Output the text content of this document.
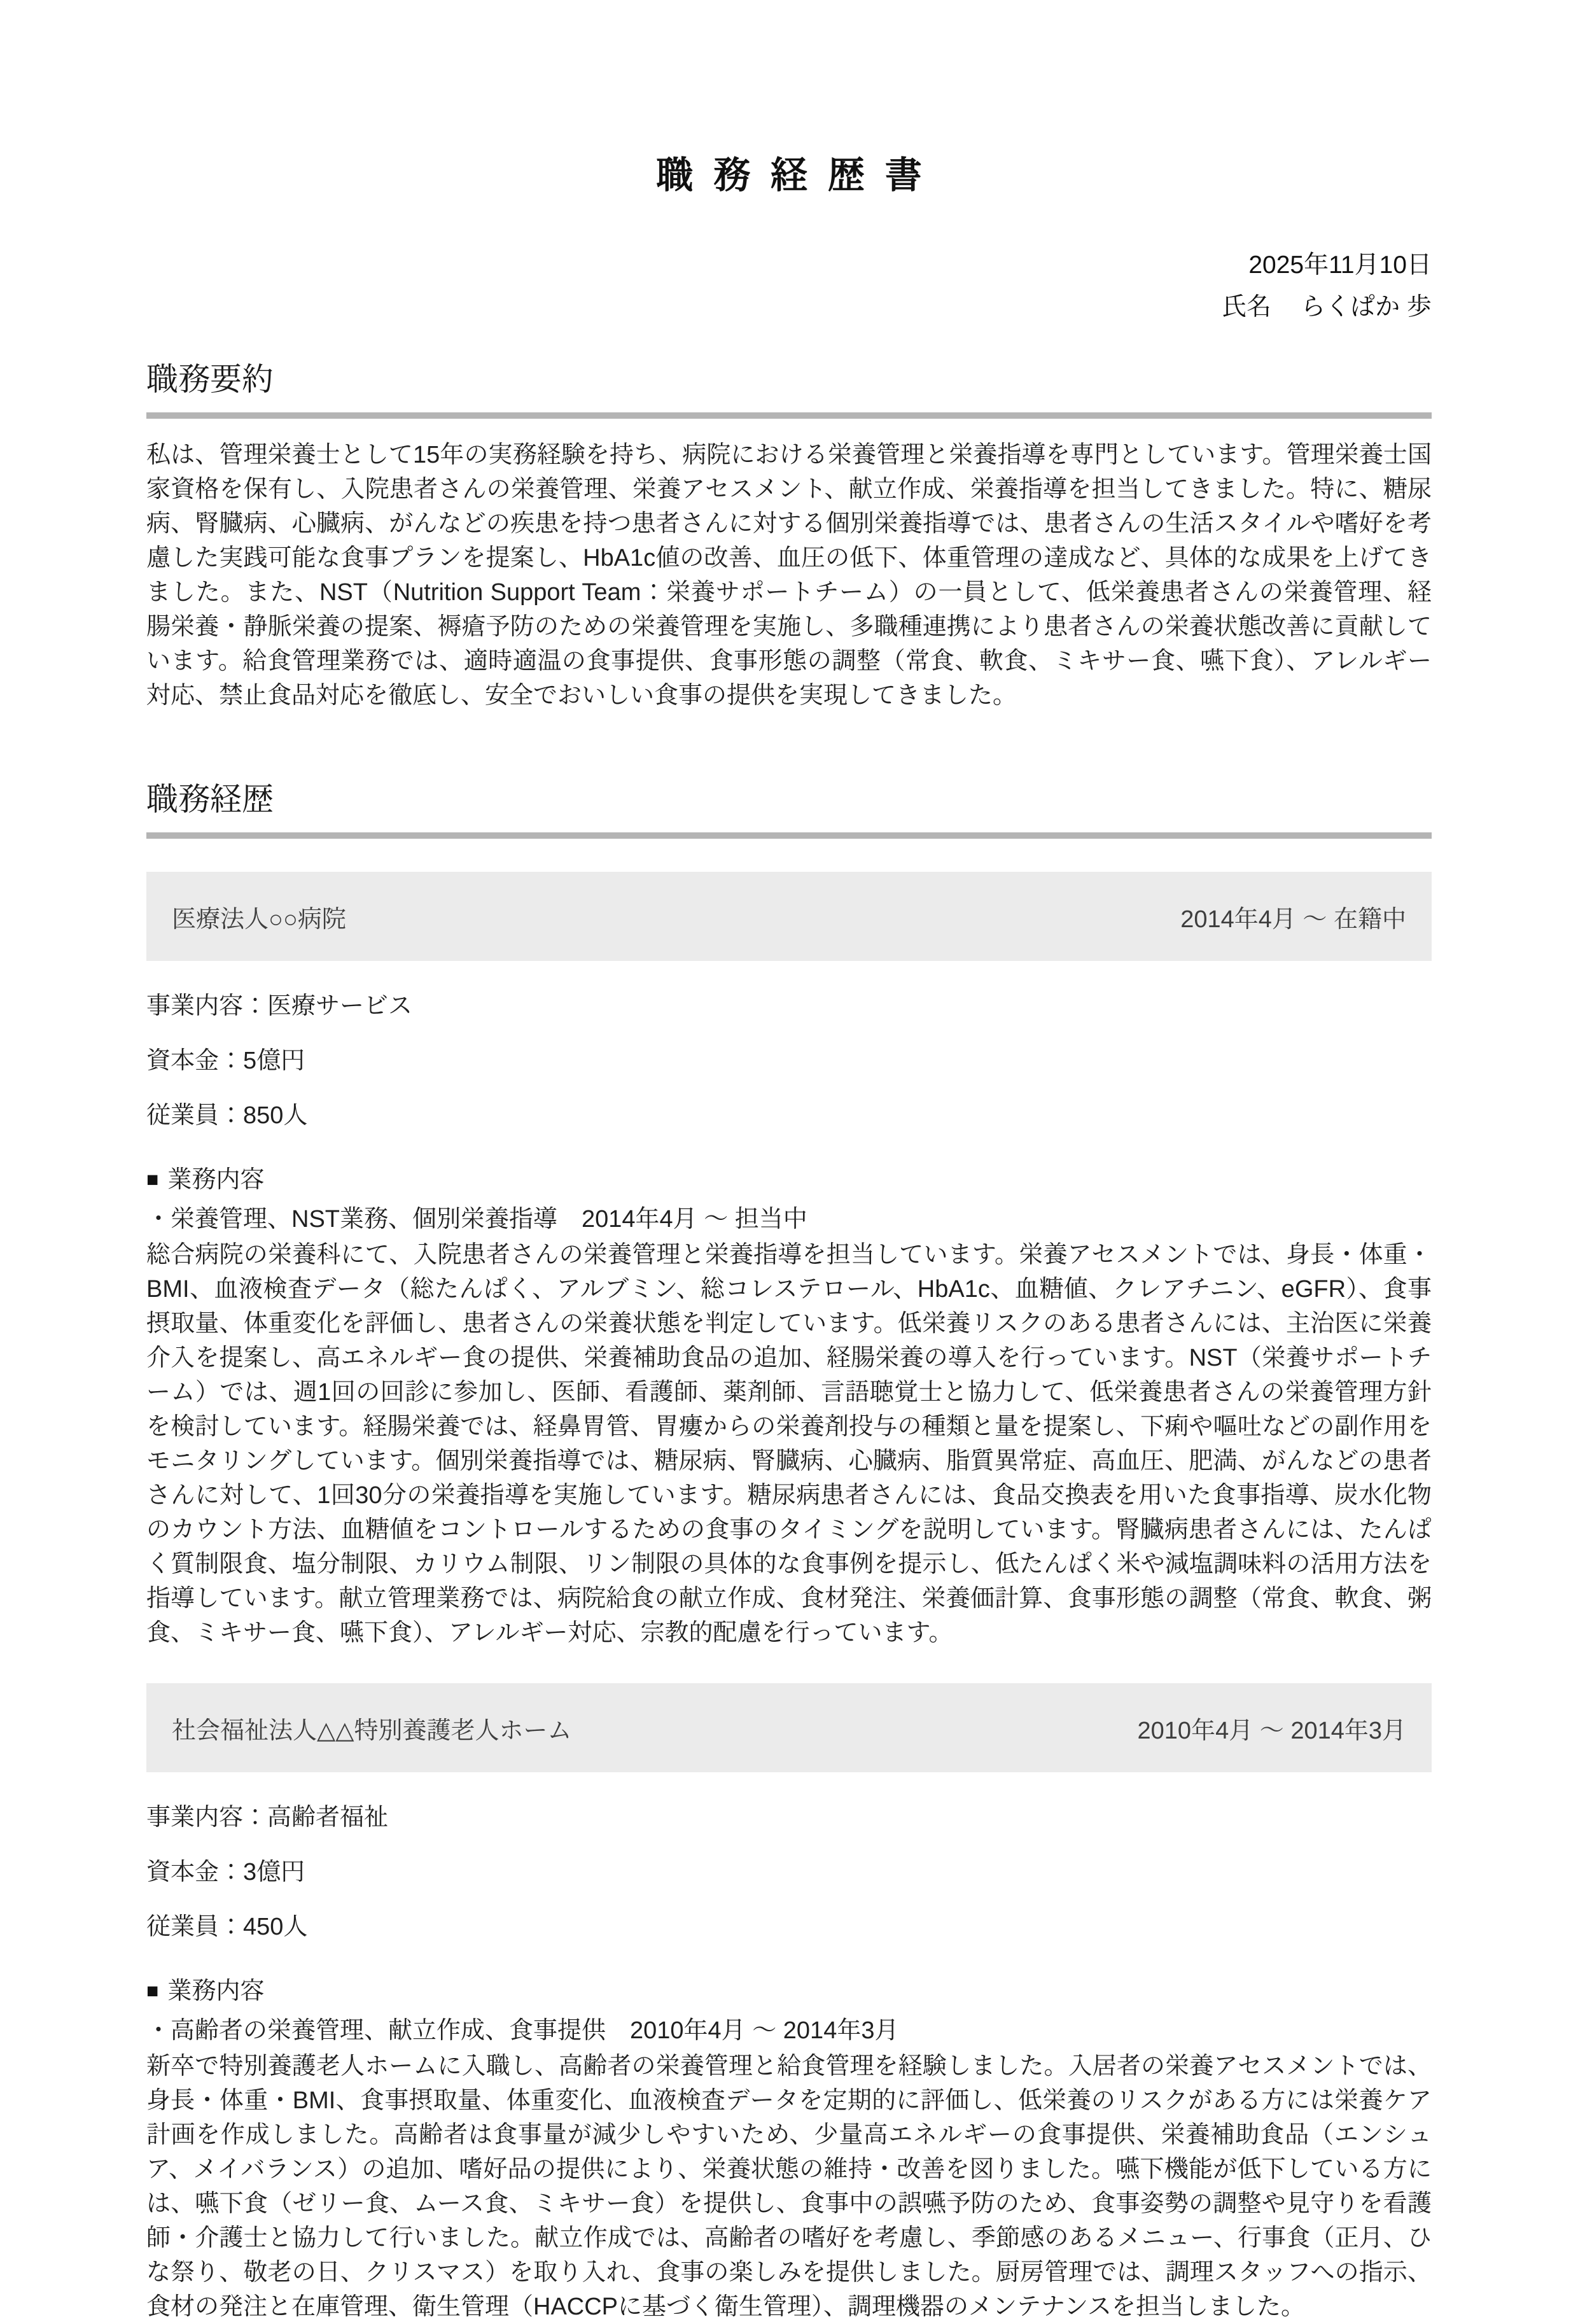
職務経歴書
2025年11月10日
氏名 らくぱか 歩
職務要約

私は、管理栄養士として15年の実務経験を持ち、病院における栄養管理と栄養指導を専門としています。管理栄養士国家資格を保有し、入院患者さんの栄養管理、栄養アセスメント、献立作成、栄養指導を担当してきました。特に、糖尿病、腎臓病、心臓病、がんなどの疾患を持つ患者さんに対する個別栄養指導では、患者さんの生活スタイルや嗜好を考慮した実践可能な食事プランを提案し、HbA1c値の改善、血圧の低下、体重管理の達成など、具体的な成果を上げてきました。また、NST（Nutrition Support Team：栄養サポートチーム）の一員として、低栄養患者さんの栄養管理、経腸栄養・静脈栄養の提案、褥瘡予防のための栄養管理を実施し、多職種連携により患者さんの栄養状態改善に貢献しています。給食管理業務では、適時適温の食事提供、食事形態の調整（常食、軟食、ミキサー食、嚥下食）、アレルギー対応、禁止食品対応を徹底し、安全でおいしい食事の提供を実現してきました。

職務経歴
医療法人○○病院	2014年4月 ～ 在籍中
事業内容：医療サービス
資本金：5億円
従業員：850人
■ 業務内容
・栄養管理、NST業務、個別栄養指導　2014年4月 ～ 担当中

総合病院の栄養科にて、入院患者さんの栄養管理と栄養指導を担当しています。栄養アセスメントでは、身長・体重・BMI、血液検査データ（総たんぱく、アルブミン、総コレステロール、HbA1c、血糖値、クレアチニン、eGFR）、食事摂取量、体重変化を評価し、患者さんの栄養状態を判定しています。低栄養リスクのある患者さんには、主治医に栄養介入を提案し、高エネルギー食の提供、栄養補助食品の追加、経腸栄養の導入を行っています。NST（栄養サポートチーム）では、週1回の回診に参加し、医師、看護師、薬剤師、言語聴覚士と協力して、低栄養患者さんの栄養管理方針を検討しています。経腸栄養では、経鼻胃管、胃瘻からの栄養剤投与の種類と量を提案し、下痢や嘔吐などの副作用をモニタリングしています。個別栄養指導では、糖尿病、腎臓病、心臓病、脂質異常症、高血圧、肥満、がんなどの患者さんに対して、1回30分の栄養指導を実施しています。糖尿病患者さんには、食品交換表を用いた食事指導、炭水化物のカウント方法、血糖値をコントロールするための食事のタイミングを説明しています。腎臓病患者さんには、たんぱく質制限食、塩分制限、カリウム制限、リン制限の具体的な食事例を提示し、低たんぱく米や減塩調味料の活用方法を指導しています。献立管理業務では、病院給食の献立作成、食材発注、栄養価計算、食事形態の調整（常食、軟食、粥食、ミキサー食、嚥下食）、アレルギー対応、宗教的配慮を行っています。

社会福祉法人△△特別養護老人ホーム	2010年4月 ～ 2014年3月
事業内容：高齢者福祉
資本金：3億円
従業員：450人
■ 業務内容
・高齢者の栄養管理、献立作成、食事提供　2010年4月 ～ 2014年3月

新卒で特別養護老人ホームに入職し、高齢者の栄養管理と給食管理を経験しました。入居者の栄養アセスメントでは、身長・体重・BMI、食事摂取量、体重変化、血液検査データを定期的に評価し、低栄養のリスクがある方には栄養ケア計画を作成しました。高齢者は食事量が減少しやすいため、少量高エネルギーの食事提供、栄養補助食品（エンシュア、メイバランス）の追加、嗜好品の提供により、栄養状態の維持・改善を図りました。嚥下機能が低下している方には、嚥下食（ゼリー食、ムース食、ミキサー食）を提供し、食事中の誤嚥予防のため、食事姿勢の調整や見守りを看護師・介護士と協力して行いました。献立作成では、高齢者の嗜好を考慮し、季節感のあるメニュー、行事食（正月、ひな祭り、敬老の日、クリスマス）を取り入れ、食事の楽しみを提供しました。厨房管理では、調理スタッフへの指示、食材の発注と在庫管理、衛生管理（HACCPに基づく衛生管理）、調理機器のメンテナンスを担当しました。
